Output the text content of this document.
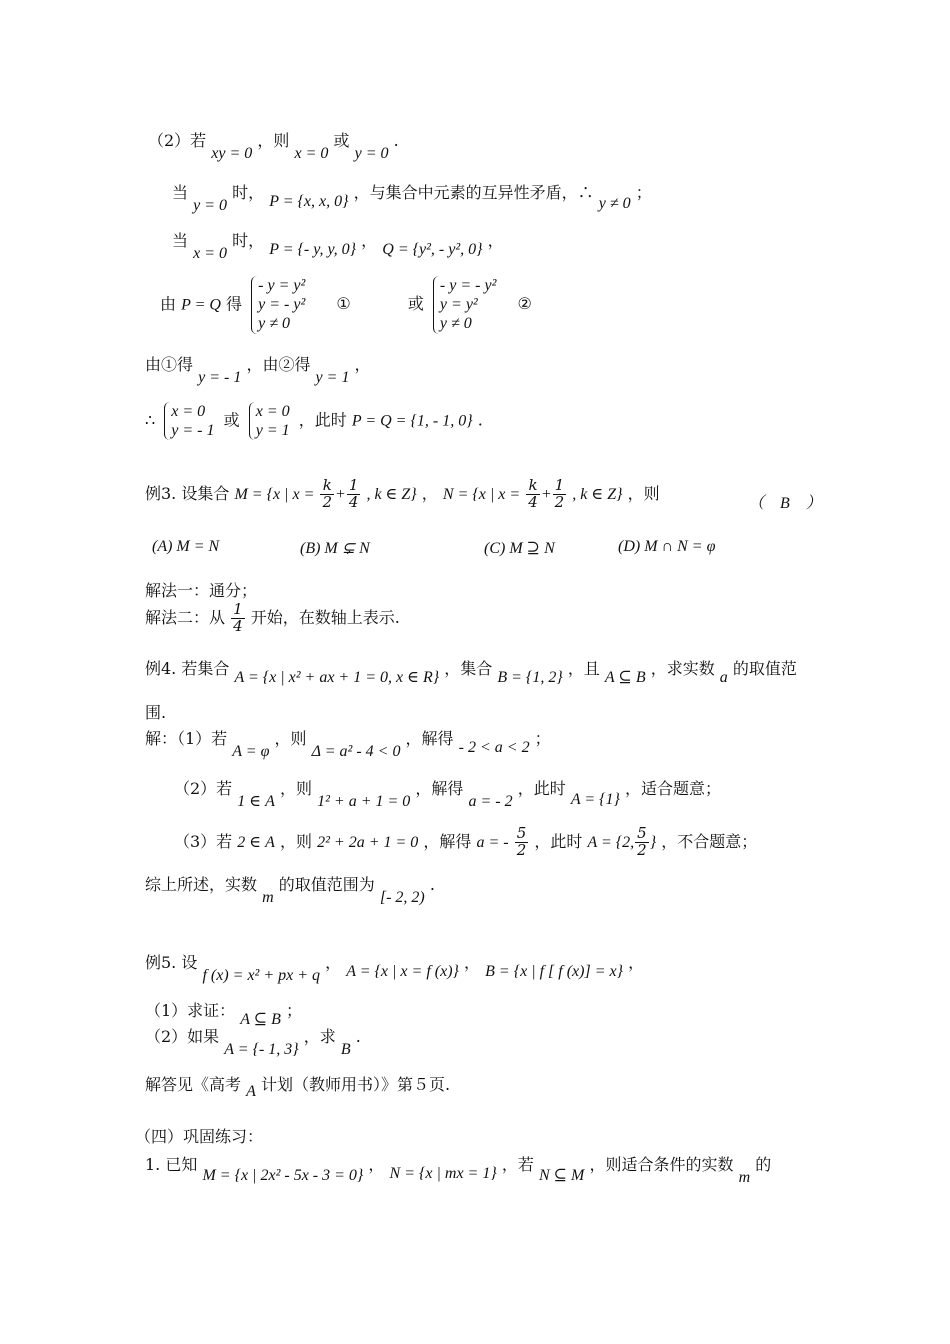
（2）若 xy = 0 ，则 x = 0 或 y = 0 .
当 y = 0 时， P = {x, x, 0} ，与集合中元素的互异性矛盾，∴ y ≠ 0 ；
当 x = 0 时， P = {- y, y, 0} ， Q = {y², - y², 0} ，
由 P = Q 得
- y = y²
y = - y²
y ≠ 0
①	或
- y = - y²
y = y²
y ≠ 0
②
由①得 y = - 1 ，由②得 y = 1 ，
∴ x = 0
y = - 1
或 x = 0
y = 1
，此时 P = Q = {1, - 1, 0} .
例3. 设集合 M = {x | $x = \frac{k}{2} + \frac{1}{4}$ , k ∈ Z} ， N = {x | $x = \frac{k}{4} + \frac{1}{2}$ , k ∈ Z} ，则
（　B　）
(A) M = N	(B) M ⊊ N	(C) M ⊇ N	(D) M ∩ N = φ
解法一：通分；
解法二：从 $\frac{1}{4}$ 开始，在数轴上表示.
例4. 若集合 A = {x | x² + ax + 1 = 0, x ∈ R} ，集合 B = {1, 2} ，且 A ⊆ B ，求实数 a 的取值范
围.
解：（1）若 A = φ ，则 Δ = a² - 4 < 0 ，解得 - 2 < a < 2 ；
（2）若 1 ∈ A ，则 1² + a + 1 = 0 ，解得 a = - 2 ，此时 A = {1} ，适合题意；
（3）若 2 ∈ A ，则 2² + 2a + 1 = 0 ，解得 a = - $\frac{5}{2}$ ，此时 A = {2, $\frac{5}{2}$ } ，不合题意；
综上所述，实数 m 的取值范围为 [- 2, 2) .
例5. 设 f (x) = x² + px + q ， A = {x | x = f (x)} ， B = {x | f [ f (x)] = x} ，
（1）求证： A ⊆ B ；
（2）如果 A = {- 1, 3} ，求 B .
解答见《高考 A 计划（教师用书）》第５页.
（四）巩固练习：
1. 已知 M = {x | 2x² - 5x - 3 = 0} ， N = {x | mx = 1} ，若 N ⊆ M ，则适合条件的实数 m 的
